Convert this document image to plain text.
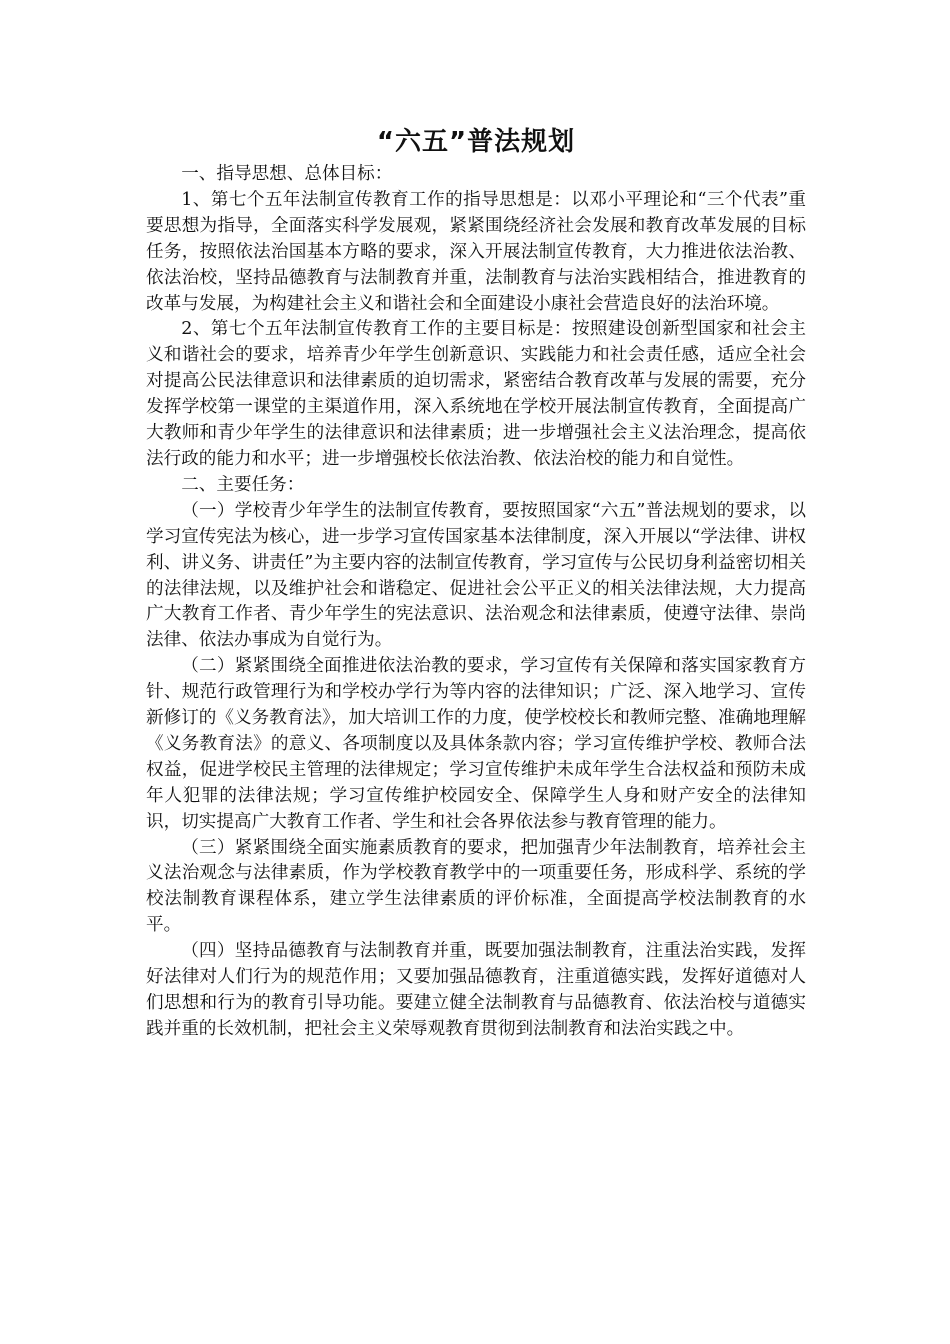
“六五”普法规划

一、指导思想、总体目标：

1、第七个五年法制宣传教育工作的指导思想是：以邓小平理论和“三个代表”重要思想为指导，全面落实科学发展观，紧紧围绕经济社会发展和教育改革发展的目标任务，按照依法治国基本方略的要求，深入开展法制宣传教育，大力推进依法治教、依法治校，坚持品德教育与法制教育并重，法制教育与法治实践相结合，推进教育的改革与发展，为构建社会主义和谐社会和全面建设小康社会营造良好的法治环境。

2、第七个五年法制宣传教育工作的主要目标是：按照建设创新型国家和社会主义和谐社会的要求，培养青少年学生创新意识、实践能力和社会责任感，适应全社会对提高公民法律意识和法律素质的迫切需求，紧密结合教育改革与发展的需要，充分发挥学校第一课堂的主渠道作用，深入系统地在学校开展法制宣传教育，全面提高广大教师和青少年学生的法律意识和法律素质；进一步增强社会主义法治理念，提高依法行政的能力和水平；进一步增强校长依法治教、依法治校的能力和自觉性。

二、主要任务：

（一）学校青少年学生的法制宣传教育，要按照国家“六五”普法规划的要求，以学习宣传宪法为核心，进一步学习宣传国家基本法律制度，深入开展以“学法律、讲权利、讲义务、讲责任”为主要内容的法制宣传教育，学习宣传与公民切身利益密切相关的法律法规，以及维护社会和谐稳定、促进社会公平正义的相关法律法规，大力提高广大教育工作者、青少年学生的宪法意识、法治观念和法律素质，使遵守法律、崇尚法律、依法办事成为自觉行为。

（二）紧紧围绕全面推进依法治教的要求，学习宣传有关保障和落实国家教育方针、规范行政管理行为和学校办学行为等内容的法律知识；广泛、深入地学习、宣传新修订的《义务教育法》，加大培训工作的力度，使学校校长和教师完整、准确地理解《义务教育法》的意义、各项制度以及具体条款内容；学习宣传维护学校、教师合法权益，促进学校民主管理的法律规定；学习宣传维护未成年学生合法权益和预防未成年人犯罪的法律法规；学习宣传维护校园安全、保障学生人身和财产安全的法律知识，切实提高广大教育工作者、学生和社会各界依法参与教育管理的能力。

（三）紧紧围绕全面实施素质教育的要求，把加强青少年法制教育，培养社会主义法治观念与法律素质，作为学校教育教学中的一项重要任务，形成科学、系统的学校法制教育课程体系，建立学生法律素质的评价标准，全面提高学校法制教育的水平。

（四）坚持品德教育与法制教育并重，既要加强法制教育，注重法治实践，发挥好法律对人们行为的规范作用；又要加强品德教育，注重道德实践，发挥好道德对人们思想和行为的教育引导功能。要建立健全法制教育与品德教育、依法治校与道德实践并重的长效机制，把社会主义荣辱观教育贯彻到法制教育和法治实践之中。
